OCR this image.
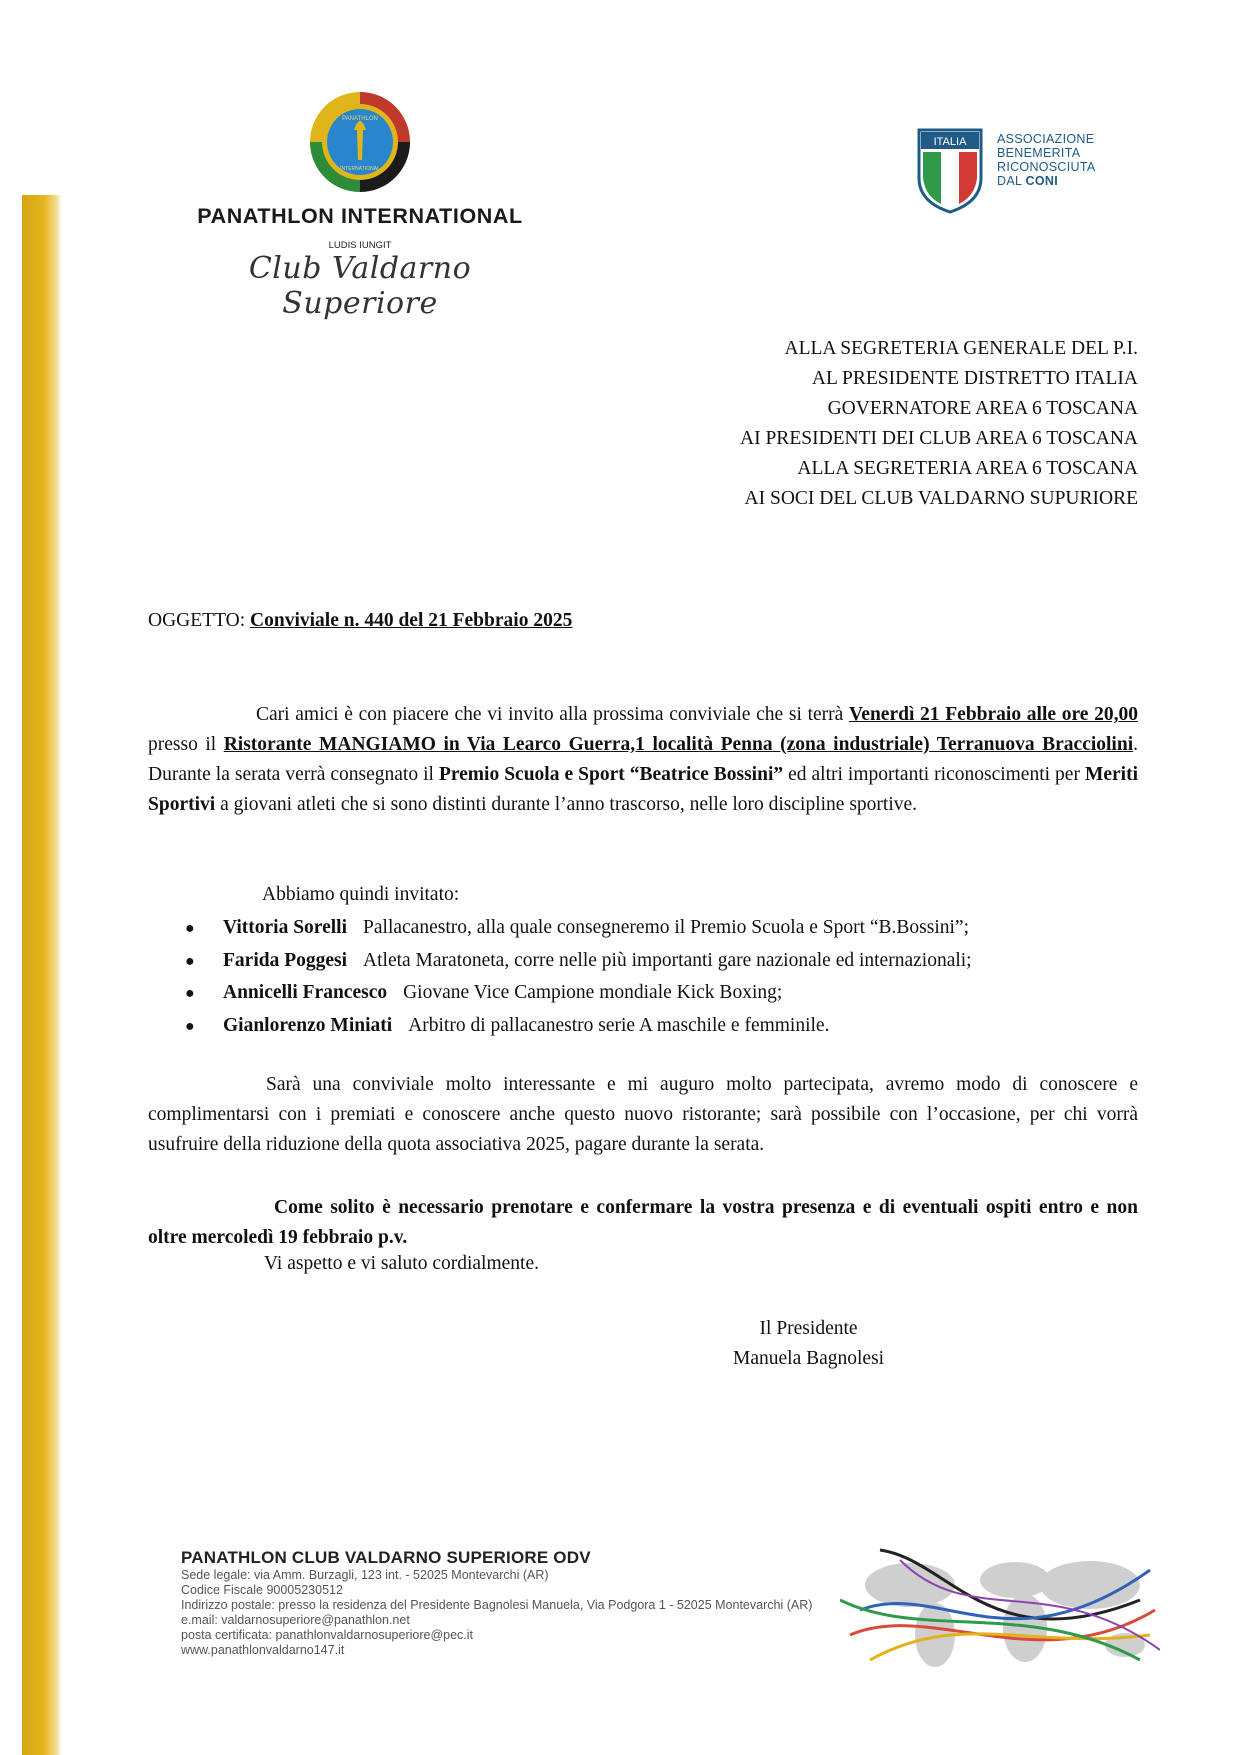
PANATHLON
INTERNATIONAL
PANATHLON INTERNATIONAL
LUDIS IUNGIT
Club Valdarno Superiore
ITALIA ASSOCIAZIONE
BENEMERITA
RICONOSCIUTA
DAL CONI
ALLA SEGRETERIA GENERALE DEL P.I.
AL PRESIDENTE DISTRETTO ITALIA
GOVERNATORE AREA 6 TOSCANA
AI PRESIDENTI DEI CLUB AREA 6 TOSCANA
ALLA SEGRETERIA AREA 6 TOSCANA
AI SOCI DEL CLUB VALDARNO SUPURIORE
OGGETTO: Conviviale n. 440 del 21 Febbraio 2025
Cari amici è con piacere che vi invito alla prossima conviviale che si terrà Venerdì 21 Febbraio alle ore 20,00 presso il Ristorante MANGIAMO in Via Learco Guerra,1 località Penna (zona industriale) Terranuova Bracciolini. Durante la serata verrà consegnato il Premio Scuola e Sport “Beatrice Bossini” ed altri importanti riconoscimenti per Meriti Sportivi a giovani atleti che si sono distinti durante l’anno trascorso, nelle loro discipline sportive.
Abbiamo quindi invitato:
●	Vittoria Sorelli Pallacanestro, alla quale consegneremo il Premio Scuola e Sport “B.Bossini”;
●	Farida Poggesi Atleta Maratoneta, corre nelle più importanti gare nazionale ed internazionali;
●	Annicelli Francesco Giovane Vice Campione mondiale Kick Boxing;
●	Gianlorenzo Miniati Arbitro di pallacanestro serie A maschile e femminile.
Sarà una conviviale molto interessante e mi auguro molto partecipata, avremo modo di conoscere e complimentarsi con i premiati e conoscere anche questo nuovo ristorante; sarà possibile con l’occasione, per chi vorrà usufruire della riduzione della quota associativa 2025, pagare durante la serata.
Come solito è necessario prenotare e confermare la vostra presenza e di eventuali ospiti entro e non oltre mercoledì 19 febbraio p.v.
Vi aspetto e vi saluto cordialmente.
Il Presidente
Manuela Bagnolesi
PANATHLON CLUB VALDARNO SUPERIORE ODV
Sede legale: via Amm. Burzagli, 123 int. - 52025 Montevarchi (AR)
Codice Fiscale 90005230512
Indirizzo postale: presso la residenza del Presidente Bagnolesi Manuela, Via Podgora 1 - 52025 Montevarchi (AR)
e.mail: valdarnosuperiore@panathlon.net
posta certificata: panathlonvaldarnosuperiore@pec.it
www.panathlonvaldarno147.it
